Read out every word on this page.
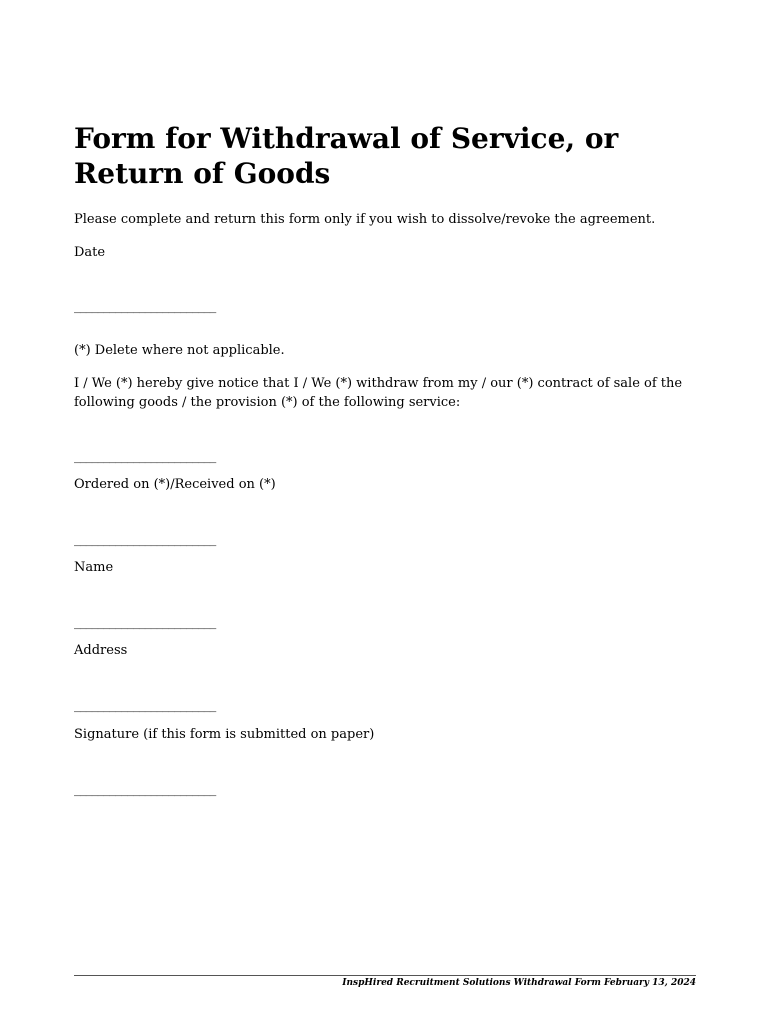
Form for Withdrawal of Service, or Return of Goods

Please complete and return this form only if you wish to dissolve/revoke the agreement.

Date

________________________

(*) Delete where not applicable.

I / We (*) hereby give notice that I / We (*) withdraw from my / our (*) contract of sale of the following goods / the provision (*) of the following service:

________________________

Ordered on (*)/Received on (*)

________________________

Name

________________________

Address

________________________

Signature (if this form is submitted on paper)

________________________

InspHired Recruitment Solutions Withdrawal Form February 13, 2024
